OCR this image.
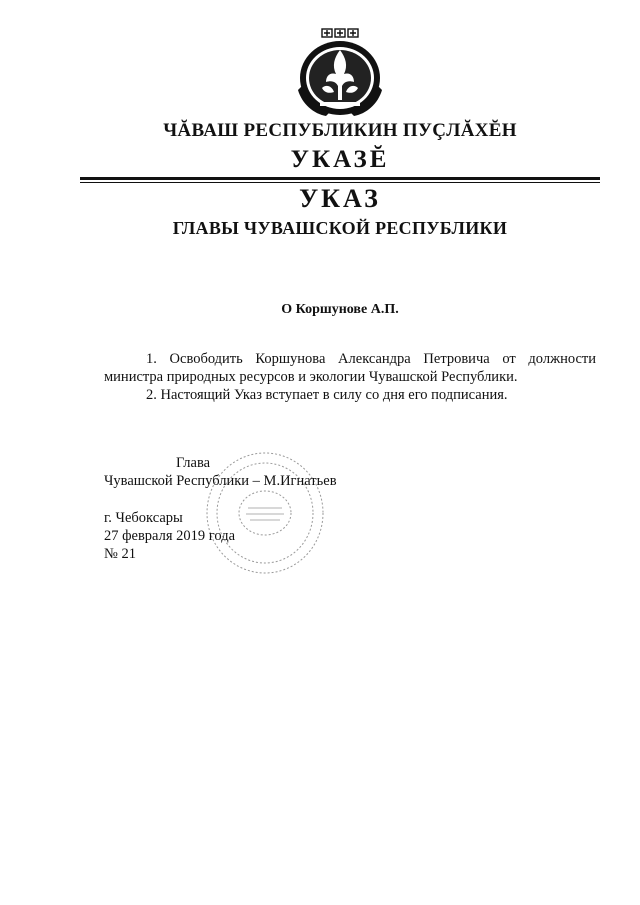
ЧĂВАШ РЕСПУБЛИКИН ПУÇЛĂХĔН
УКАЗĔ
УКАЗ
ГЛАВЫ ЧУВАШСКОЙ РЕСПУБЛИКИ
О Коршунове А.П.

1. Освободить Коршунова Александра Петровича от должности министра природных ресурсов и экологии Чувашской Республики.

2. Настоящий Указ вступает в силу со дня его подписания.

Глава
Чувашской Республики – М.Игнатьев
г. Чебоксары
27 февраля 2019 года
№ 21
